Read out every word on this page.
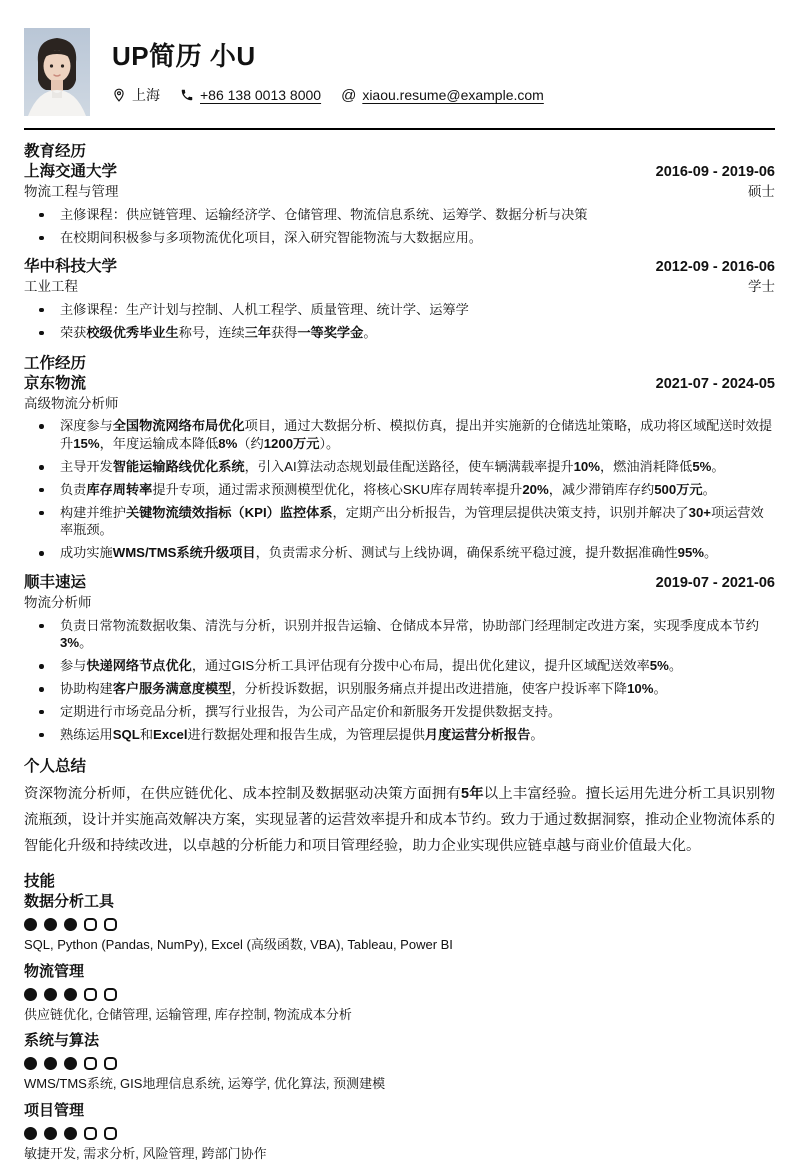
UP简历 小U
上海	+86 138 0013 8000 @ xiaou.resume@example.com
教育经历
上海交通大学	2016-09 - 2019-06
物流工程与管理	硕士
主修课程：供应链管理、运输经济学、仓储管理、物流信息系统、运筹学、数据分析与决策
在校期间积极参与多项物流优化项目，深入研究智能物流与大数据应用。
华中科技大学	2012-09 - 2016-06
工业工程	学士
主修课程：生产计划与控制、人机工程学、质量管理、统计学、运筹学
荣获校级优秀毕业生称号，连续三年获得一等奖学金。
工作经历
京东物流	2021-07 - 2024-05
高级物流分析师
深度参与全国物流网络布局优化项目，通过大数据分析、模拟仿真，提出并实施新的仓储选址策略，成功将区域配送时效提升15%，年度运输成本降低8%（约1200万元）。
主导开发智能运输路线优化系统，引入AI算法动态规划最佳配送路径，使车辆满载率提升10%，燃油消耗降低5%。
负责库存周转率提升专项，通过需求预测模型优化，将核心SKU库存周转率提升20%，减少滞销库存约500万元。
构建并维护关键物流绩效指标（KPI）监控体系，定期产出分析报告，为管理层提供决策支持，识别并解决了30+项运营效率瓶颈。
成功实施WMS/TMS系统升级项目，负责需求分析、测试与上线协调，确保系统平稳过渡，提升数据准确性95%。
顺丰速运	2019-07 - 2021-06
物流分析师
负责日常物流数据收集、清洗与分析，识别并报告运输、仓储成本异常，协助部门经理制定改进方案，实现季度成本节约3%。
参与快递网络节点优化，通过GIS分析工具评估现有分拨中心布局，提出优化建议，提升区域配送效率5%。
协助构建客户服务满意度模型，分析投诉数据，识别服务痛点并提出改进措施，使客户投诉率下降10%。
定期进行市场竞品分析，撰写行业报告，为公司产品定价和新服务开发提供数据支持。
熟练运用SQL和Excel进行数据处理和报告生成，为管理层提供月度运营分析报告。
个人总结

资深物流分析师，在供应链优化、成本控制及数据驱动决策方面拥有5年以上丰富经验。擅长运用先进分析工具识别物流瓶颈，设计并实施高效解决方案，实现显著的运营效率提升和成本节约。致力于通过数据洞察，推动企业物流体系的智能化升级和持续改进，以卓越的分析能力和项目管理经验，助力企业实现供应链卓越与商业价值最大化。

技能
数据分析工具
SQL, Python (Pandas, NumPy), Excel (高级函数, VBA), Tableau, Power BI
物流管理
供应链优化, 仓储管理, 运输管理, 库存控制, 物流成本分析
系统与算法
WMS/TMS系统, GIS地理信息系统, 运筹学, 优化算法, 预测建模
项目管理
敏捷开发, 需求分析, 风险管理, 跨部门协作
